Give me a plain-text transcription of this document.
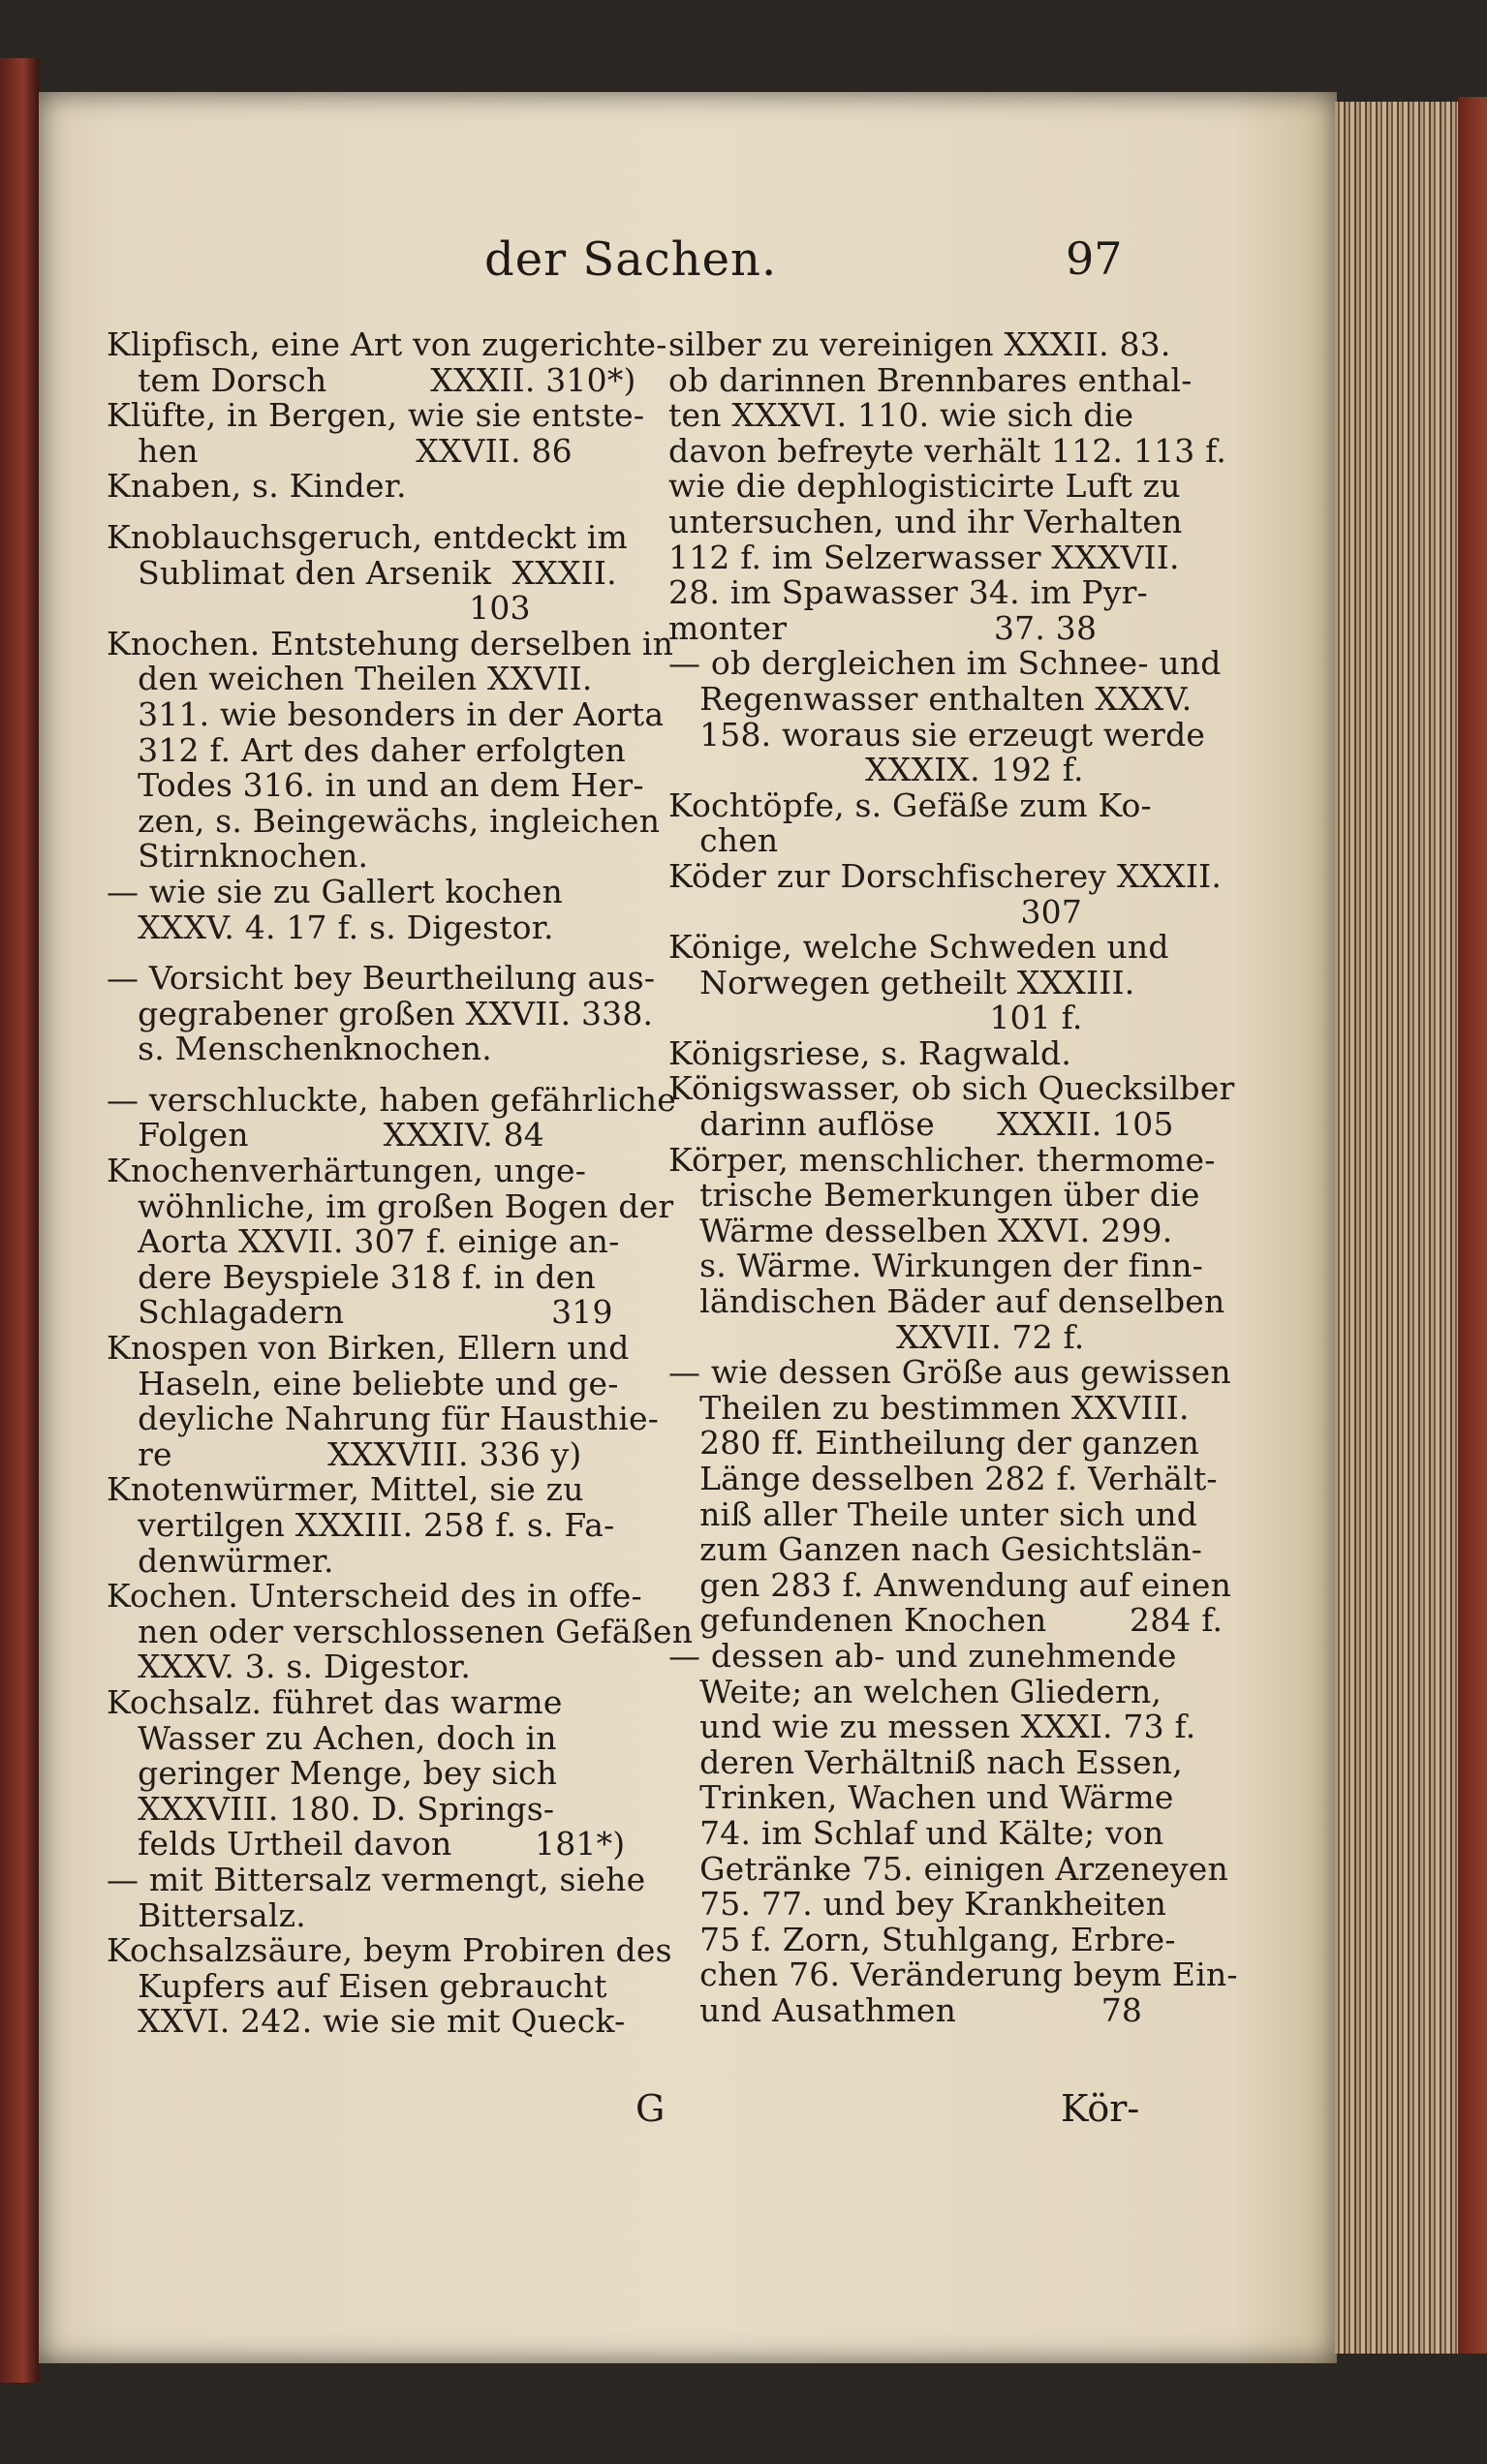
der Sachen.	97
Klipfisch, eine Art von zugerichte-
tem Dorsch          XXXII. 310*)
Klüfte, in Bergen, wie sie entste-
hen                     XXVII. 86
Knaben, s. Kinder.
Knoblauchsgeruch, entdeckt im
Sublimat den Arsenik  XXXII.
103
Knochen. Entstehung derselben in
den weichen Theilen XXVII.
311. wie besonders in der Aorta
312 f. Art des daher erfolgten
Todes 316. in und an dem Her-
zen, s. Beingewächs, ingleichen
Stirnknochen.
— wie sie zu Gallert kochen
XXXV. 4. 17 f. s. Digestor.
— Vorsicht bey Beurtheilung aus-
gegrabener großen XXVII. 338.
s. Menschenknochen.
— verschluckte, haben gefährliche
Folgen             XXXIV. 84
Knochenverhärtungen, unge-
wöhnliche, im großen Bogen der
Aorta XXVII. 307 f. einige an-
dere Beyspiele 318 f. in den
Schlagadern                    319
Knospen von Birken, Ellern und
Haseln, eine beliebte und ge-
deyliche Nahrung für Hausthie-
re               XXXVIII. 336 y)
Knotenwürmer, Mittel, sie zu
vertilgen XXXIII. 258 f. s. Fa-
denwürmer.
Kochen. Unterscheid des in offe-
nen oder verschlossenen Gefäßen
XXXV. 3. s. Digestor.
Kochsalz. führet das warme
Wasser zu Achen, doch in
geringer Menge, bey sich
XXXVIII. 180. D. Springs-
felds Urtheil davon        181*)
— mit Bittersalz vermengt, siehe
Bittersalz.
Kochsalzsäure, beym Probiren des
Kupfers auf Eisen gebraucht
XXVI. 242. wie sie mit Queck-
silber zu vereinigen XXXII. 83.
ob darinnen Brennbares enthal-
ten XXXVI. 110. wie sich die
davon befreyte verhält 112. 113 f.
wie die dephlogisticirte Luft zu
untersuchen, und ihr Verhalten
112 f. im Selzerwasser XXXVII.
28. im Spawasser 34. im Pyr-
monter                    37. 38
— ob dergleichen im Schnee- und
Regenwasser enthalten XXXV.
158. woraus sie erzeugt werde
XXXIX. 192 f.
Kochtöpfe, s. Gefäße zum Ko-
chen
Köder zur Dorschfischerey XXXII.
307
Könige, welche Schweden und
Norwegen getheilt XXXIII.
101 f.
Königsriese, s. Ragwald.
Königswasser, ob sich Quecksilber
darinn auflöse      XXXII. 105
Körper, menschlicher. thermome-
trische Bemerkungen über die
Wärme desselben XXVI. 299.
s. Wärme. Wirkungen der finn-
ländischen Bäder auf denselben
XXVII. 72 f.
— wie dessen Größe aus gewissen
Theilen zu bestimmen XXVIII.
280 ff. Eintheilung der ganzen
Länge desselben 282 f. Verhält-
niß aller Theile unter sich und
zum Ganzen nach Gesichtslän-
gen 283 f. Anwendung auf einen
gefundenen Knochen        284 f.
— dessen ab- und zunehmende
Weite; an welchen Gliedern,
und wie zu messen XXXI. 73 f.
deren Verhältniß nach Essen,
Trinken, Wachen und Wärme
74. im Schlaf und Kälte; von
Getränke 75. einigen Arzeneyen
75. 77. und bey Krankheiten
75 f. Zorn, Stuhlgang, Erbre-
chen 76. Veränderung beym Ein-
und Ausathmen              78
G	Kör-
